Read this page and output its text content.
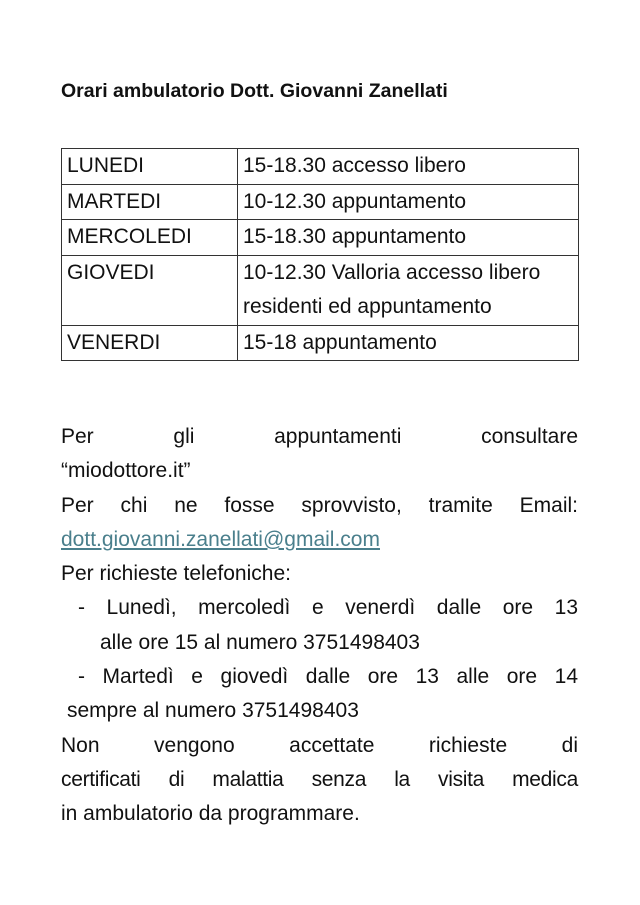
Orari ambulatorio Dott. Giovanni Zanellati
LUNEDI	15-18.30 accesso libero
MARTEDI	10-12.30 appuntamento
MERCOLEDI	15-18.30 appuntamento
GIOVEDI	10-12.30 Valloria accesso libero residenti ed appuntamento
VENERDI	15-18 appuntamento
Per gli appuntamenti consultare
“miodottore.it”
Per chi ne fosse sprovvisto, tramite Email:
dott.giovanni.zanellati@gmail.com
Per richieste telefoniche:
- Lunedì, mercoledì e venerdì dalle ore 13
alle ore 15 al numero 3751498403
- Martedì e giovedì dalle ore 13 alle ore 14
sempre al numero 3751498403
Non vengono accettate richieste di
certificati di malattia senza la visita medica
in ambulatorio da programmare.
